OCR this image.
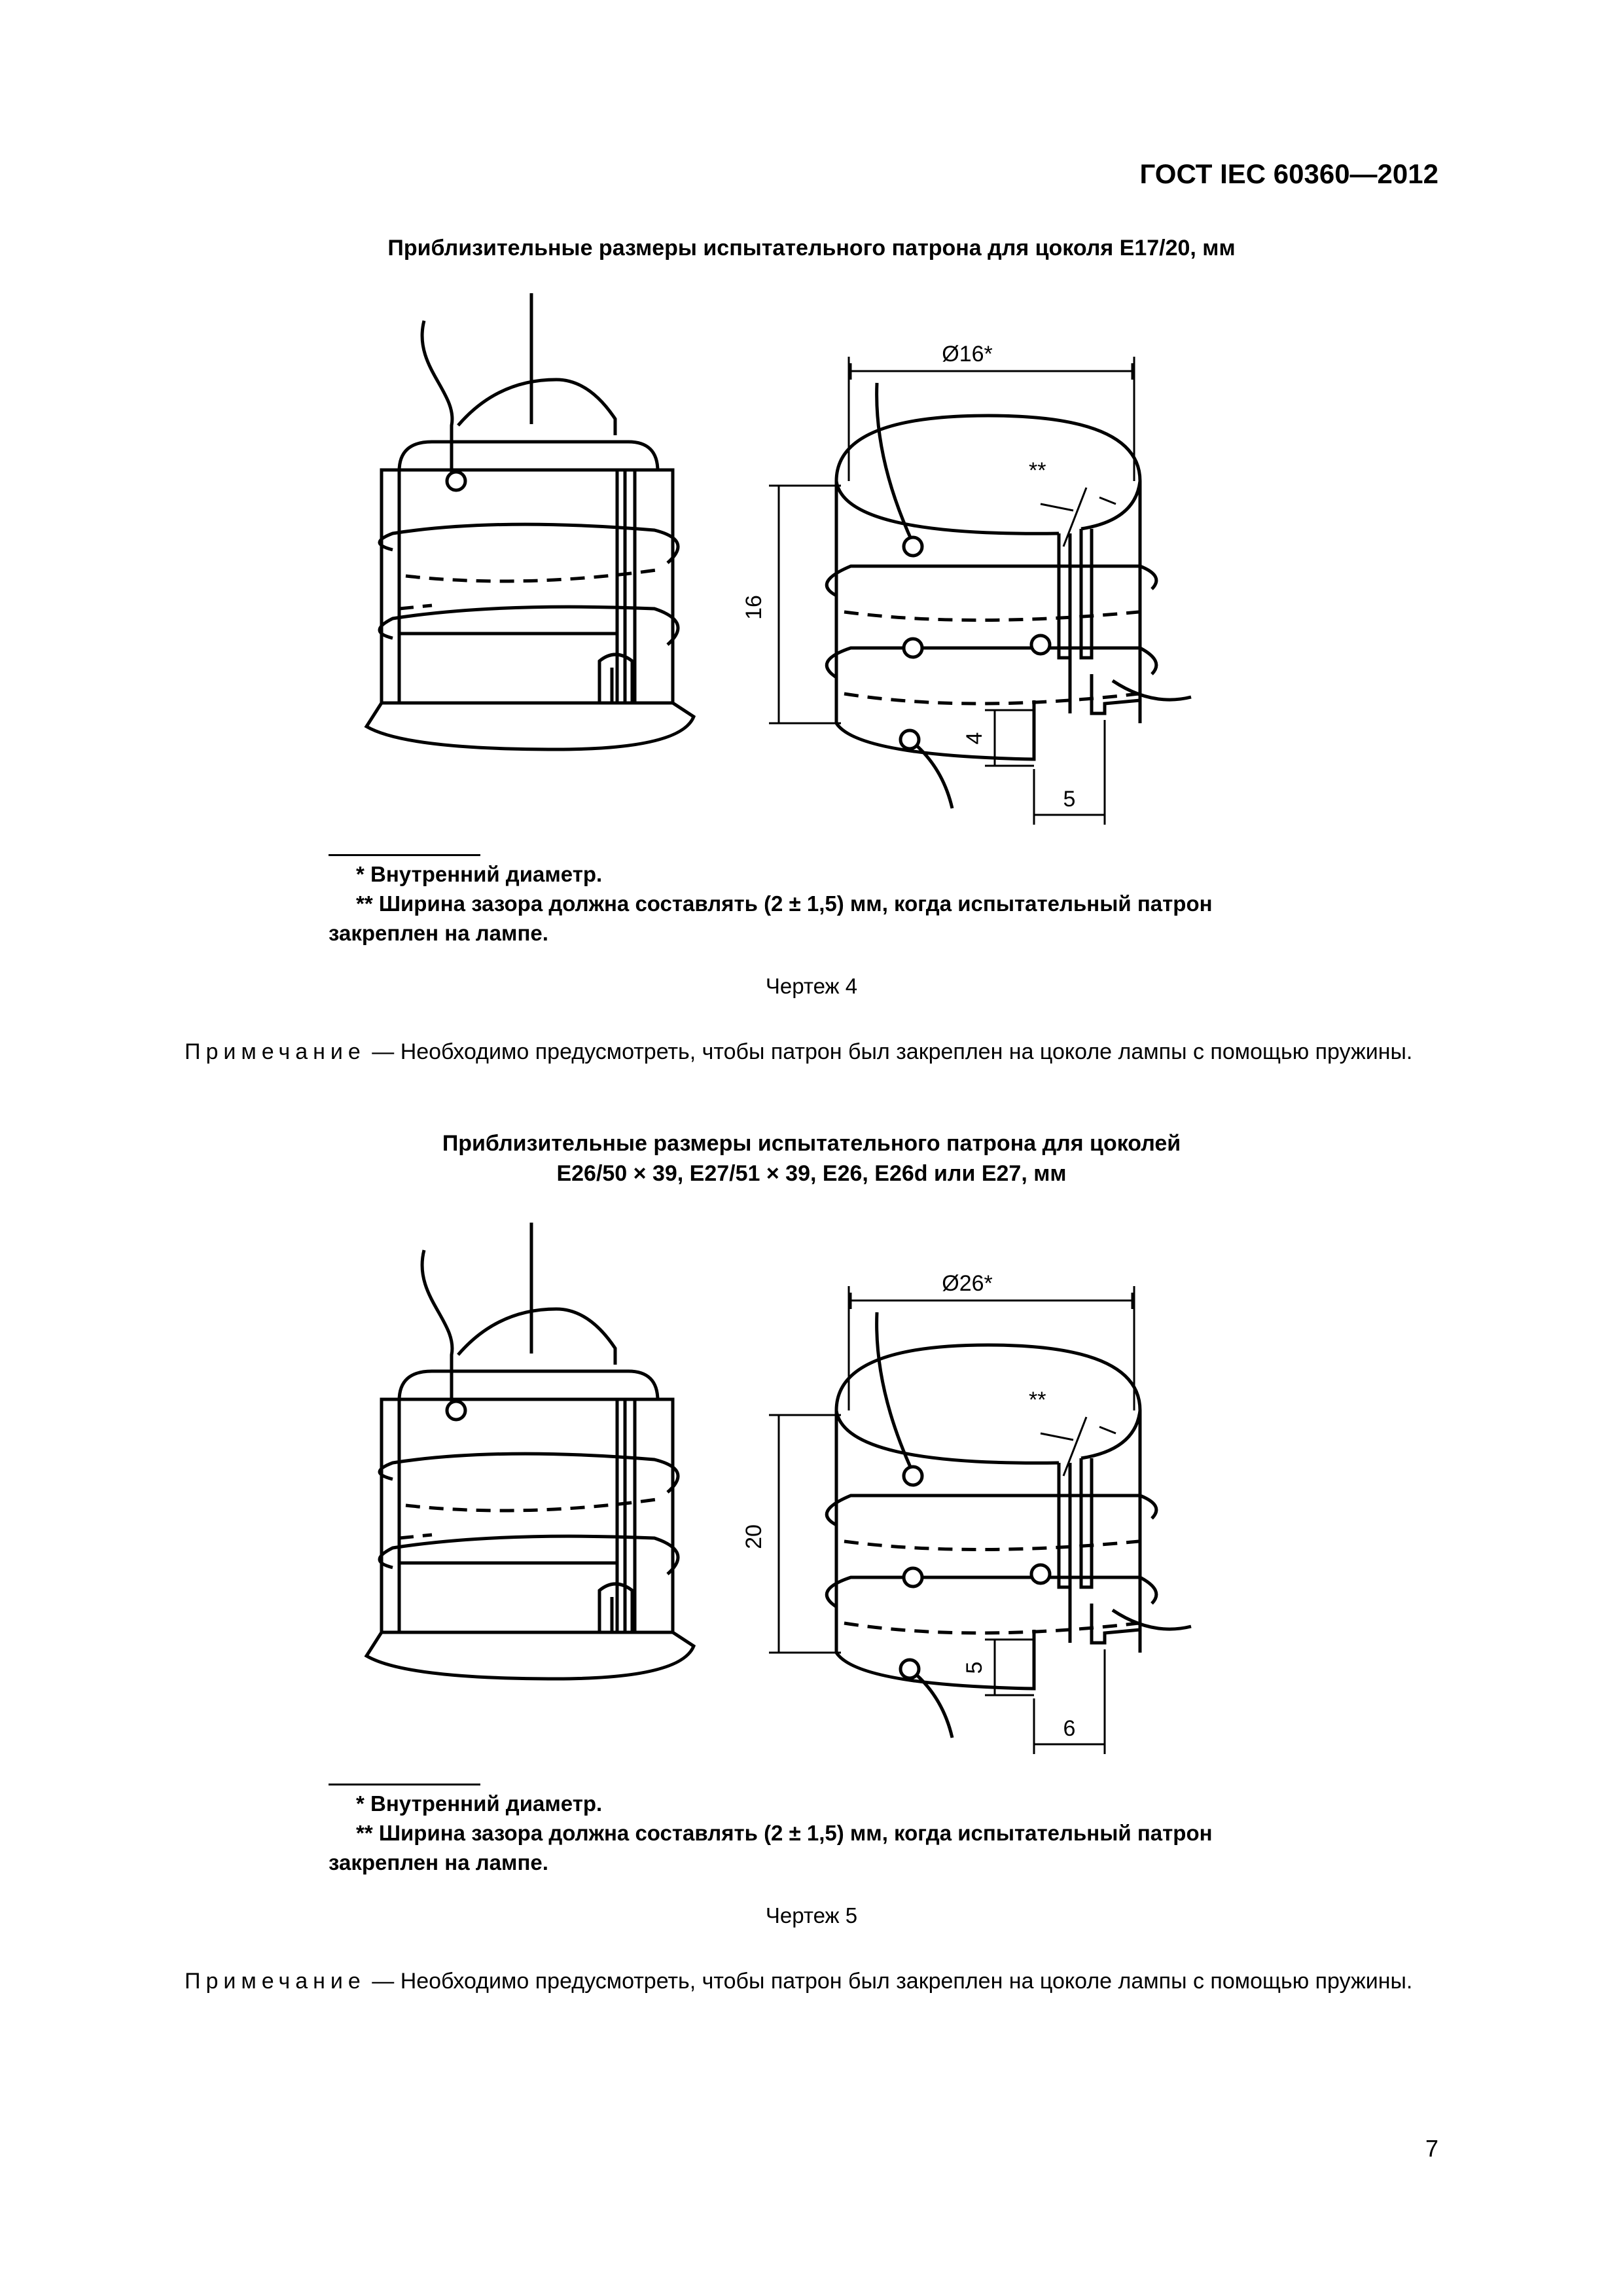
ГОСТ IEC 60360—2012
Приблизительные размеры испытательного патрона для цоколя Е17/20, мм
Ø16*
**
16
4
5
* Внутренний диаметр.
** Ширина зазора должна составлять (2 ± 1,5) мм, когда испытательный патрон
закреплен на лампе.
Чертеж 4
Примечание — Необходимо предусмотреть, чтобы патрон был закреплен на цоколе лампы с помощью пружины.
Приблизительные размеры испытательного патрона для цоколей
Е26/50 × 39, Е27/51 × 39, Е26, Е26d или Е27, мм
Ø26*
**
20
5
6
* Внутренний диаметр.
** Ширина зазора должна составлять (2 ± 1,5) мм, когда испытательный патрон
закреплен на лампе.
Чертеж 5
Примечание — Необходимо предусмотреть, чтобы патрон был закреплен на цоколе лампы с помощью пружины.
7
